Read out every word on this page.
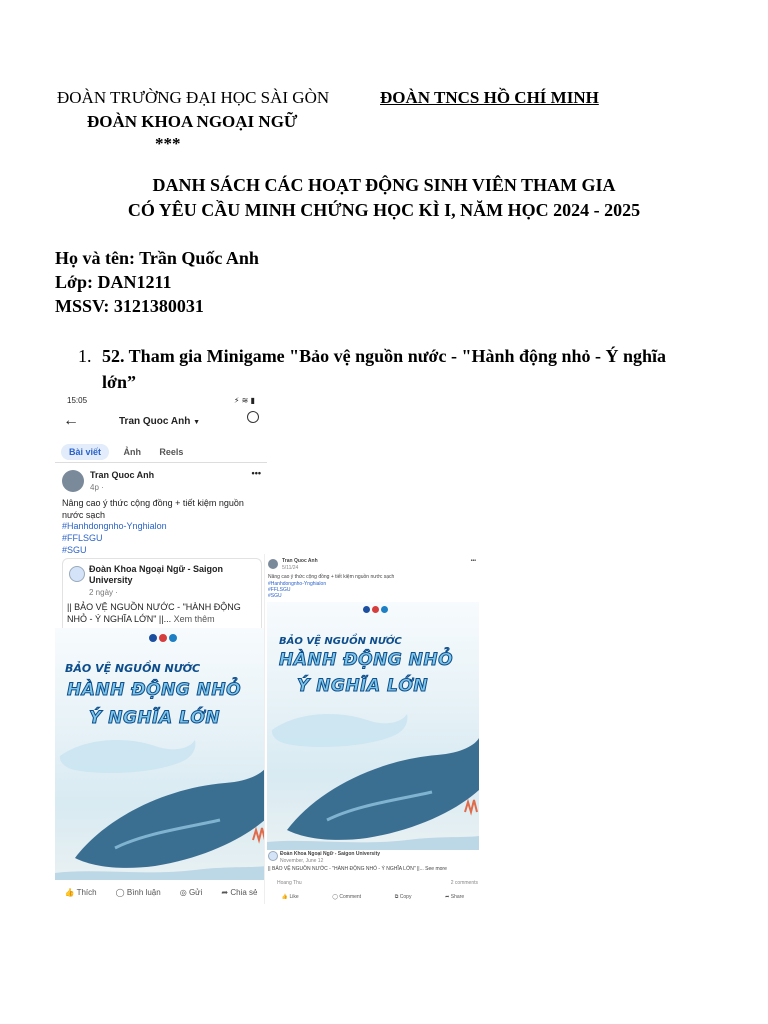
ĐOÀN TRƯỜNG ĐẠI HỌC SÀI GÒN
ĐOÀN KHOA NGOẠI NGỮ
***
ĐOÀN TNCS HỒ CHÍ MINH
DANH SÁCH CÁC HOẠT ĐỘNG SINH VIÊN THAM GIA
CÓ YÊU CẦU MINH CHỨNG HỌC KÌ I, NĂM HỌC 2024 - 2025
Họ và tên: Trần Quốc Anh
Lớp: DAN1211
MSSV: 3121380031
1. 52. Tham gia Minigame "Bảo vệ nguồn nước - "Hành động nhỏ - Ý nghĩa lớn”
15:05	⚡ ≋ ▮
←	Tran Quoc Anh ▼
Bài viết Ảnh Reels
Tran Quoc Anh
4p ·
•••
Nâng cao ý thức cộng đồng + tiết kiệm nguồn nước sạch
#Hanhdongnho-Ynghialon
#FFLSGU
#SGU
Đoàn Khoa Ngoại Ngữ - Saigon University
2 ngày ·
|| BẢO VỆ NGUỒN NƯỚC - "HÀNH ĐỘNG NHỎ - Ý NGHĨA LỚN" ||... Xem thêm
BẢO VỆ NGUỒN NƯỚC
HÀNH ĐỘNG NHỎ
Ý NGHĨA LỚN
👍 Thích ◯ Bình luận ◎ Gửi ➦ Chia sẻ
Tran Quoc Anh
5/11/24
•••
Nâng cao ý thức cộng đồng + tiết kiệm nguồn nước sạch
#Hanhdongnho-Ynghialon
#FFLSGU
#SGU
BẢO VỆ NGUỒN NƯỚC
HÀNH ĐỘNG NHỎ
Ý NGHĨA LỚN
Đoàn Khoa Ngoại Ngữ - Saigon University
November, June 12
|| BẢO VỆ NGUỒN NƯỚC - "HÀNH ĐỘNG NHỎ - Ý NGHĨA LỚN" ||... See more
Hoang Thu	2 comments
👍 Like	◯ Comment	⧉ Copy	➦ Share
